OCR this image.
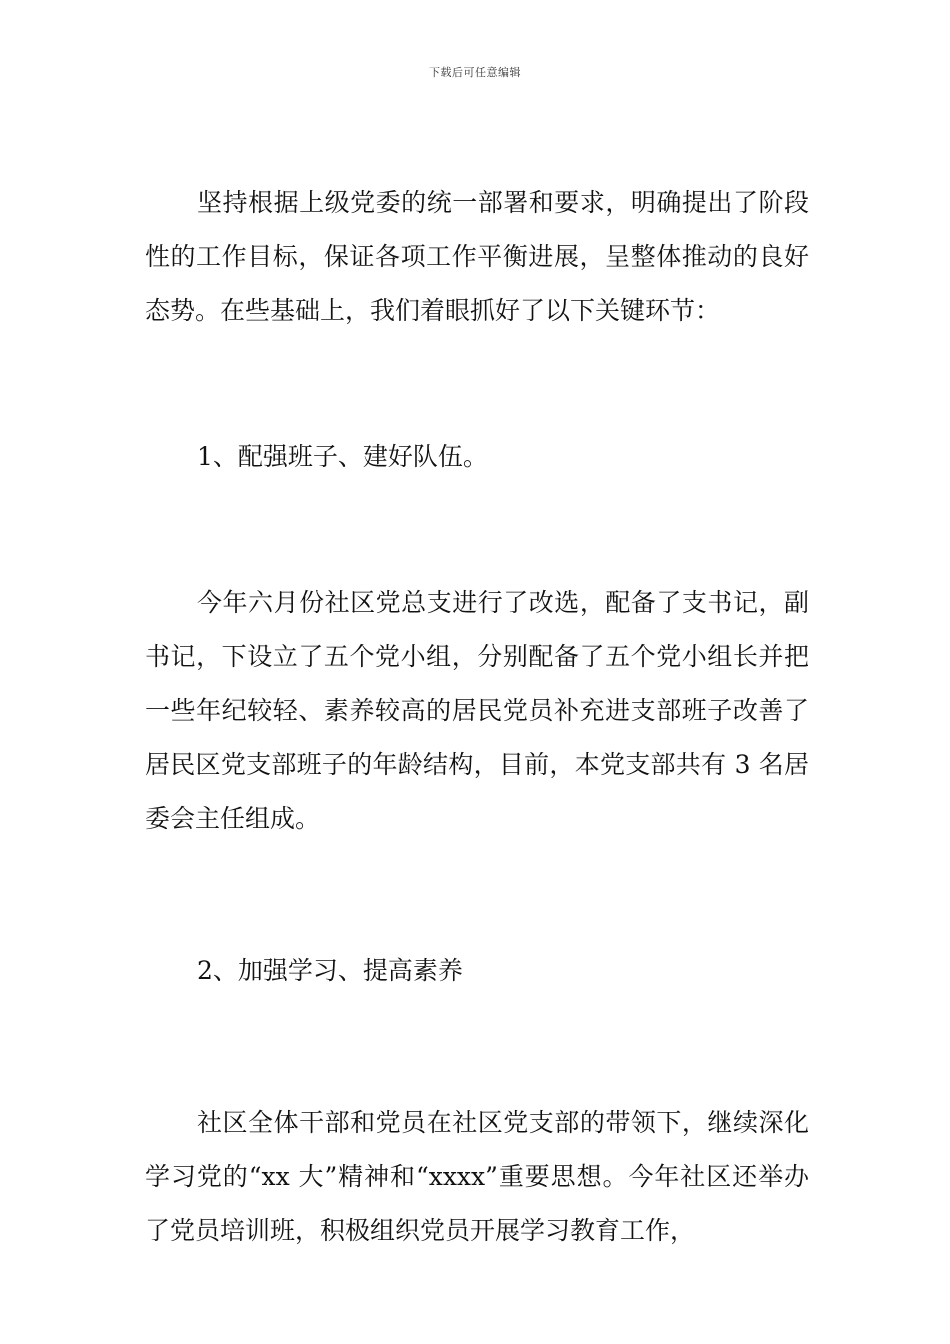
下载后可任意编辑

坚持根据上级党委的统一部署和要求，明确提出了阶段性的工作目标，保证各项工作平衡进展，呈整体推动的良好态势。在些基础上，我们着眼抓好了以下关键环节：

1、配强班子、建好队伍。

今年六月份社区党总支进行了改选，配备了支书记，副书记，下设立了五个党小组，分别配备了五个党小组长并把一些年纪较轻、素养较高的居民党员补充进支部班子改善了居民区党支部班子的年龄结构，目前，本党支部共有 3 名居委会主任组成。

2、加强学习、提高素养

社区全体干部和党员在社区党支部的带领下，继续深化学习党的“xx 大”精神和“xxxx”重要思想。今年社区还举办了党员培训班，积极组织党员开展学习教育工作，
